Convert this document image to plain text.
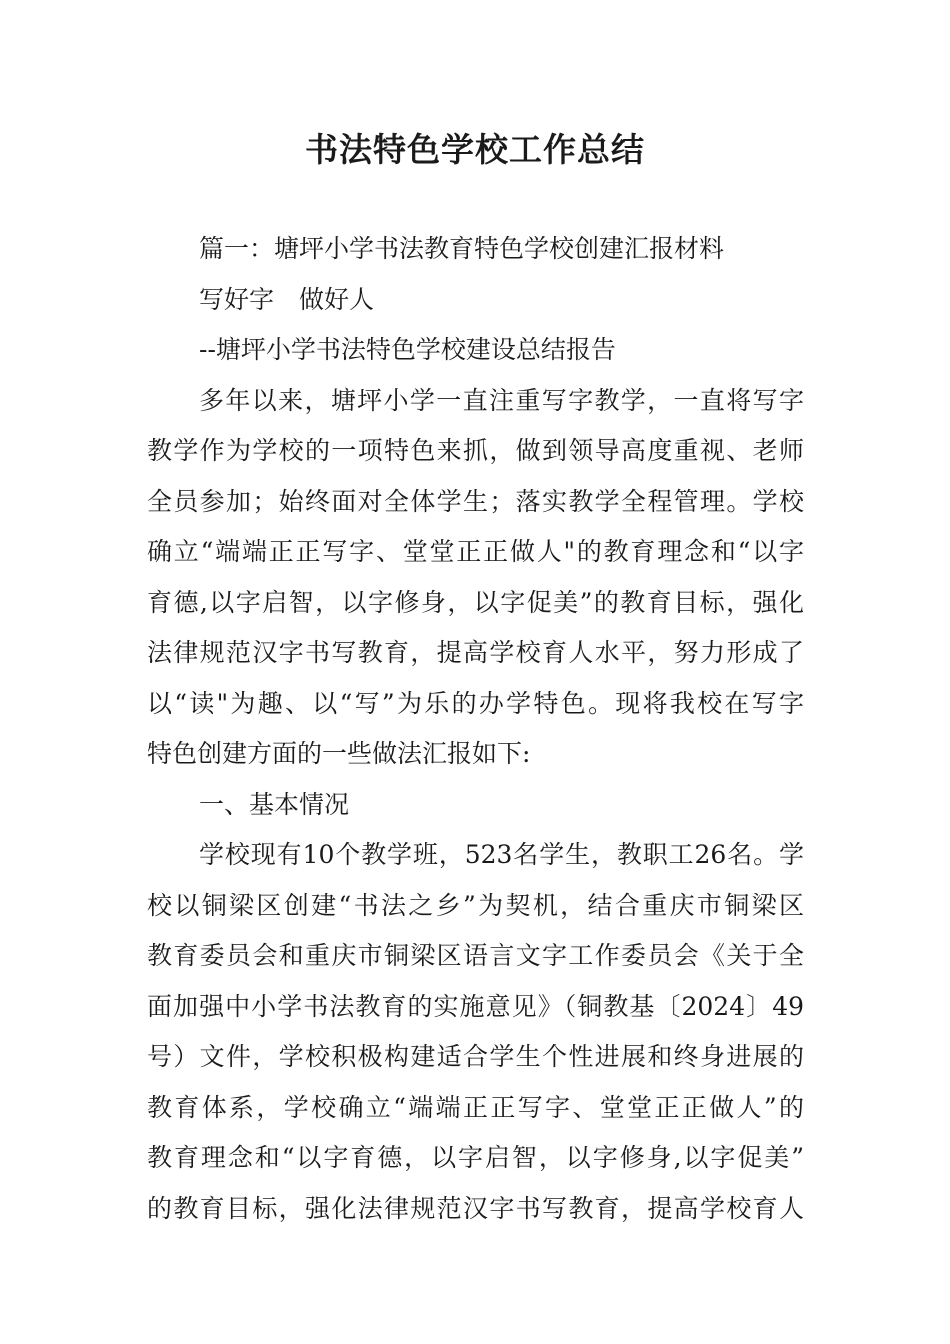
书法特色学校工作总结
篇一：塘坪小学书法教育特色学校创建汇报材料
写好字　做好人
--塘坪小学书法特色学校建设总结报告
多年以来，塘坪小学一直注重写字教学，一直将写字
教学作为学校的一项特色来抓，做到领导高度重视、老师
全员参加；始终面对全体学生；落实教学全程管理。学校
确立“端端正正写字、堂堂正正做人"的教育理念和“以字
育德,以字启智，以字修身，以字促美”的教育目标，强化
法律规范汉字书写教育，提高学校育人水平，努力形成了
以“读"为趣、以“写”为乐的办学特色。现将我校在写字
特色创建方面的一些做法汇报如下:
一、基本情况
学校现有10个教学班，523名学生，教职工26名。学
校以铜梁区创建“书法之乡”为契机，结合重庆市铜梁区
教育委员会和重庆市铜梁区语言文字工作委员会《关于全
面加强中小学书法教育的实施意见》（铜教基〔2024〕49
号）文件，学校积极构建适合学生个性进展和终身进展的
教育体系，学校确立“端端正正写字、堂堂正正做人”的
教育理念和“以字育德，以字启智，以字修身,以字促美”
的教育目标，强化法律规范汉字书写教育，提高学校育人
